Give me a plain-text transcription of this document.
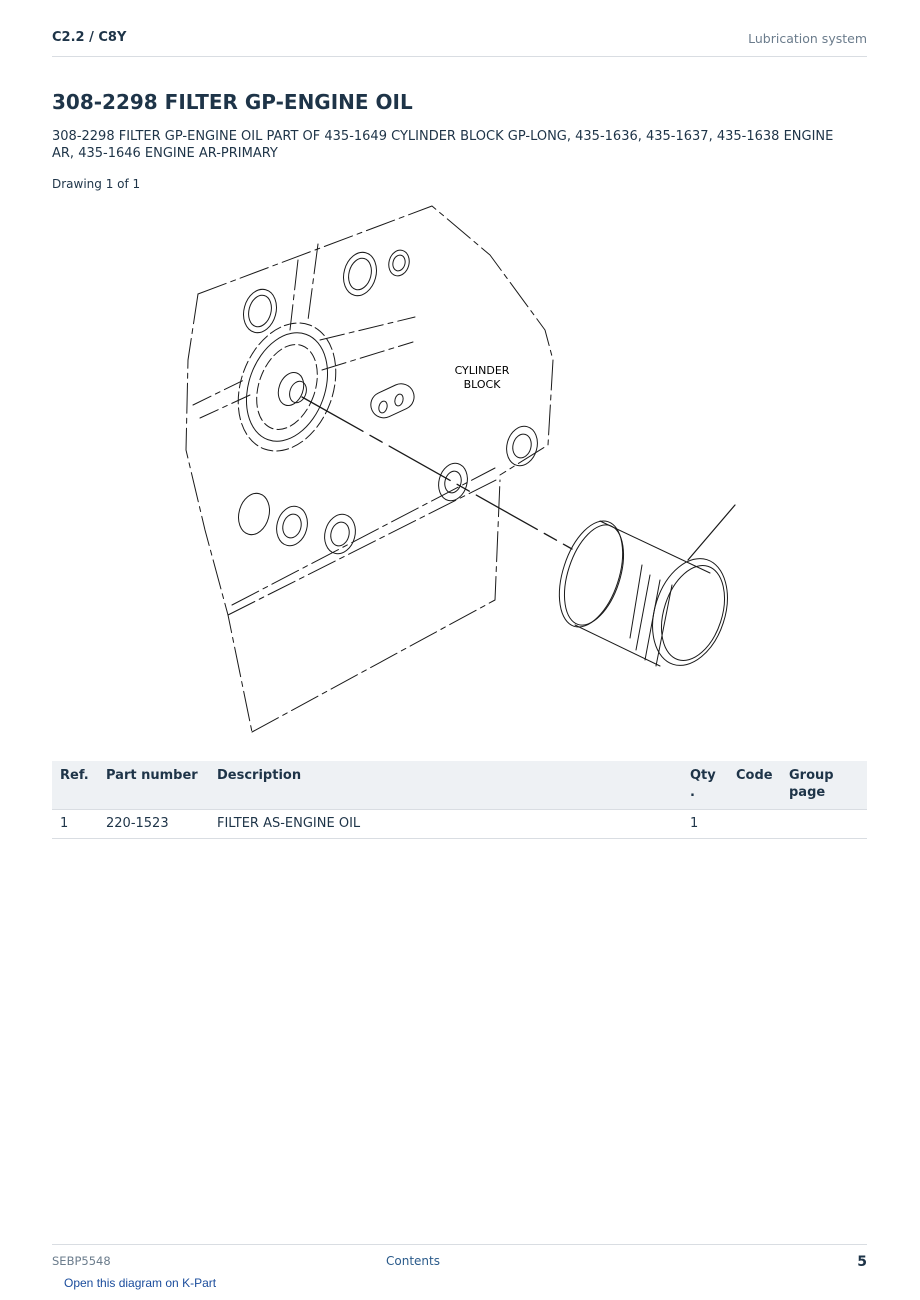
C2.2 / C8Y	Lubrication system
308-2298 FILTER GP-ENGINE OIL
308-2298 FILTER GP-ENGINE OIL PART OF 435-1649 CYLINDER BLOCK GP-LONG, 435-1636, 435-1637, 435-1638 ENGINE AR, 435-1646 ENGINE AR-PRIMARY
Drawing 1 of 1
CYLINDER
BLOCK
Ref.	Part number	Description	Qty .	Code	Group page
1	220-1523	FILTER AS-ENGINE OIL	1		
SEBP5548	Contents	5
Open this diagram on K-Part
